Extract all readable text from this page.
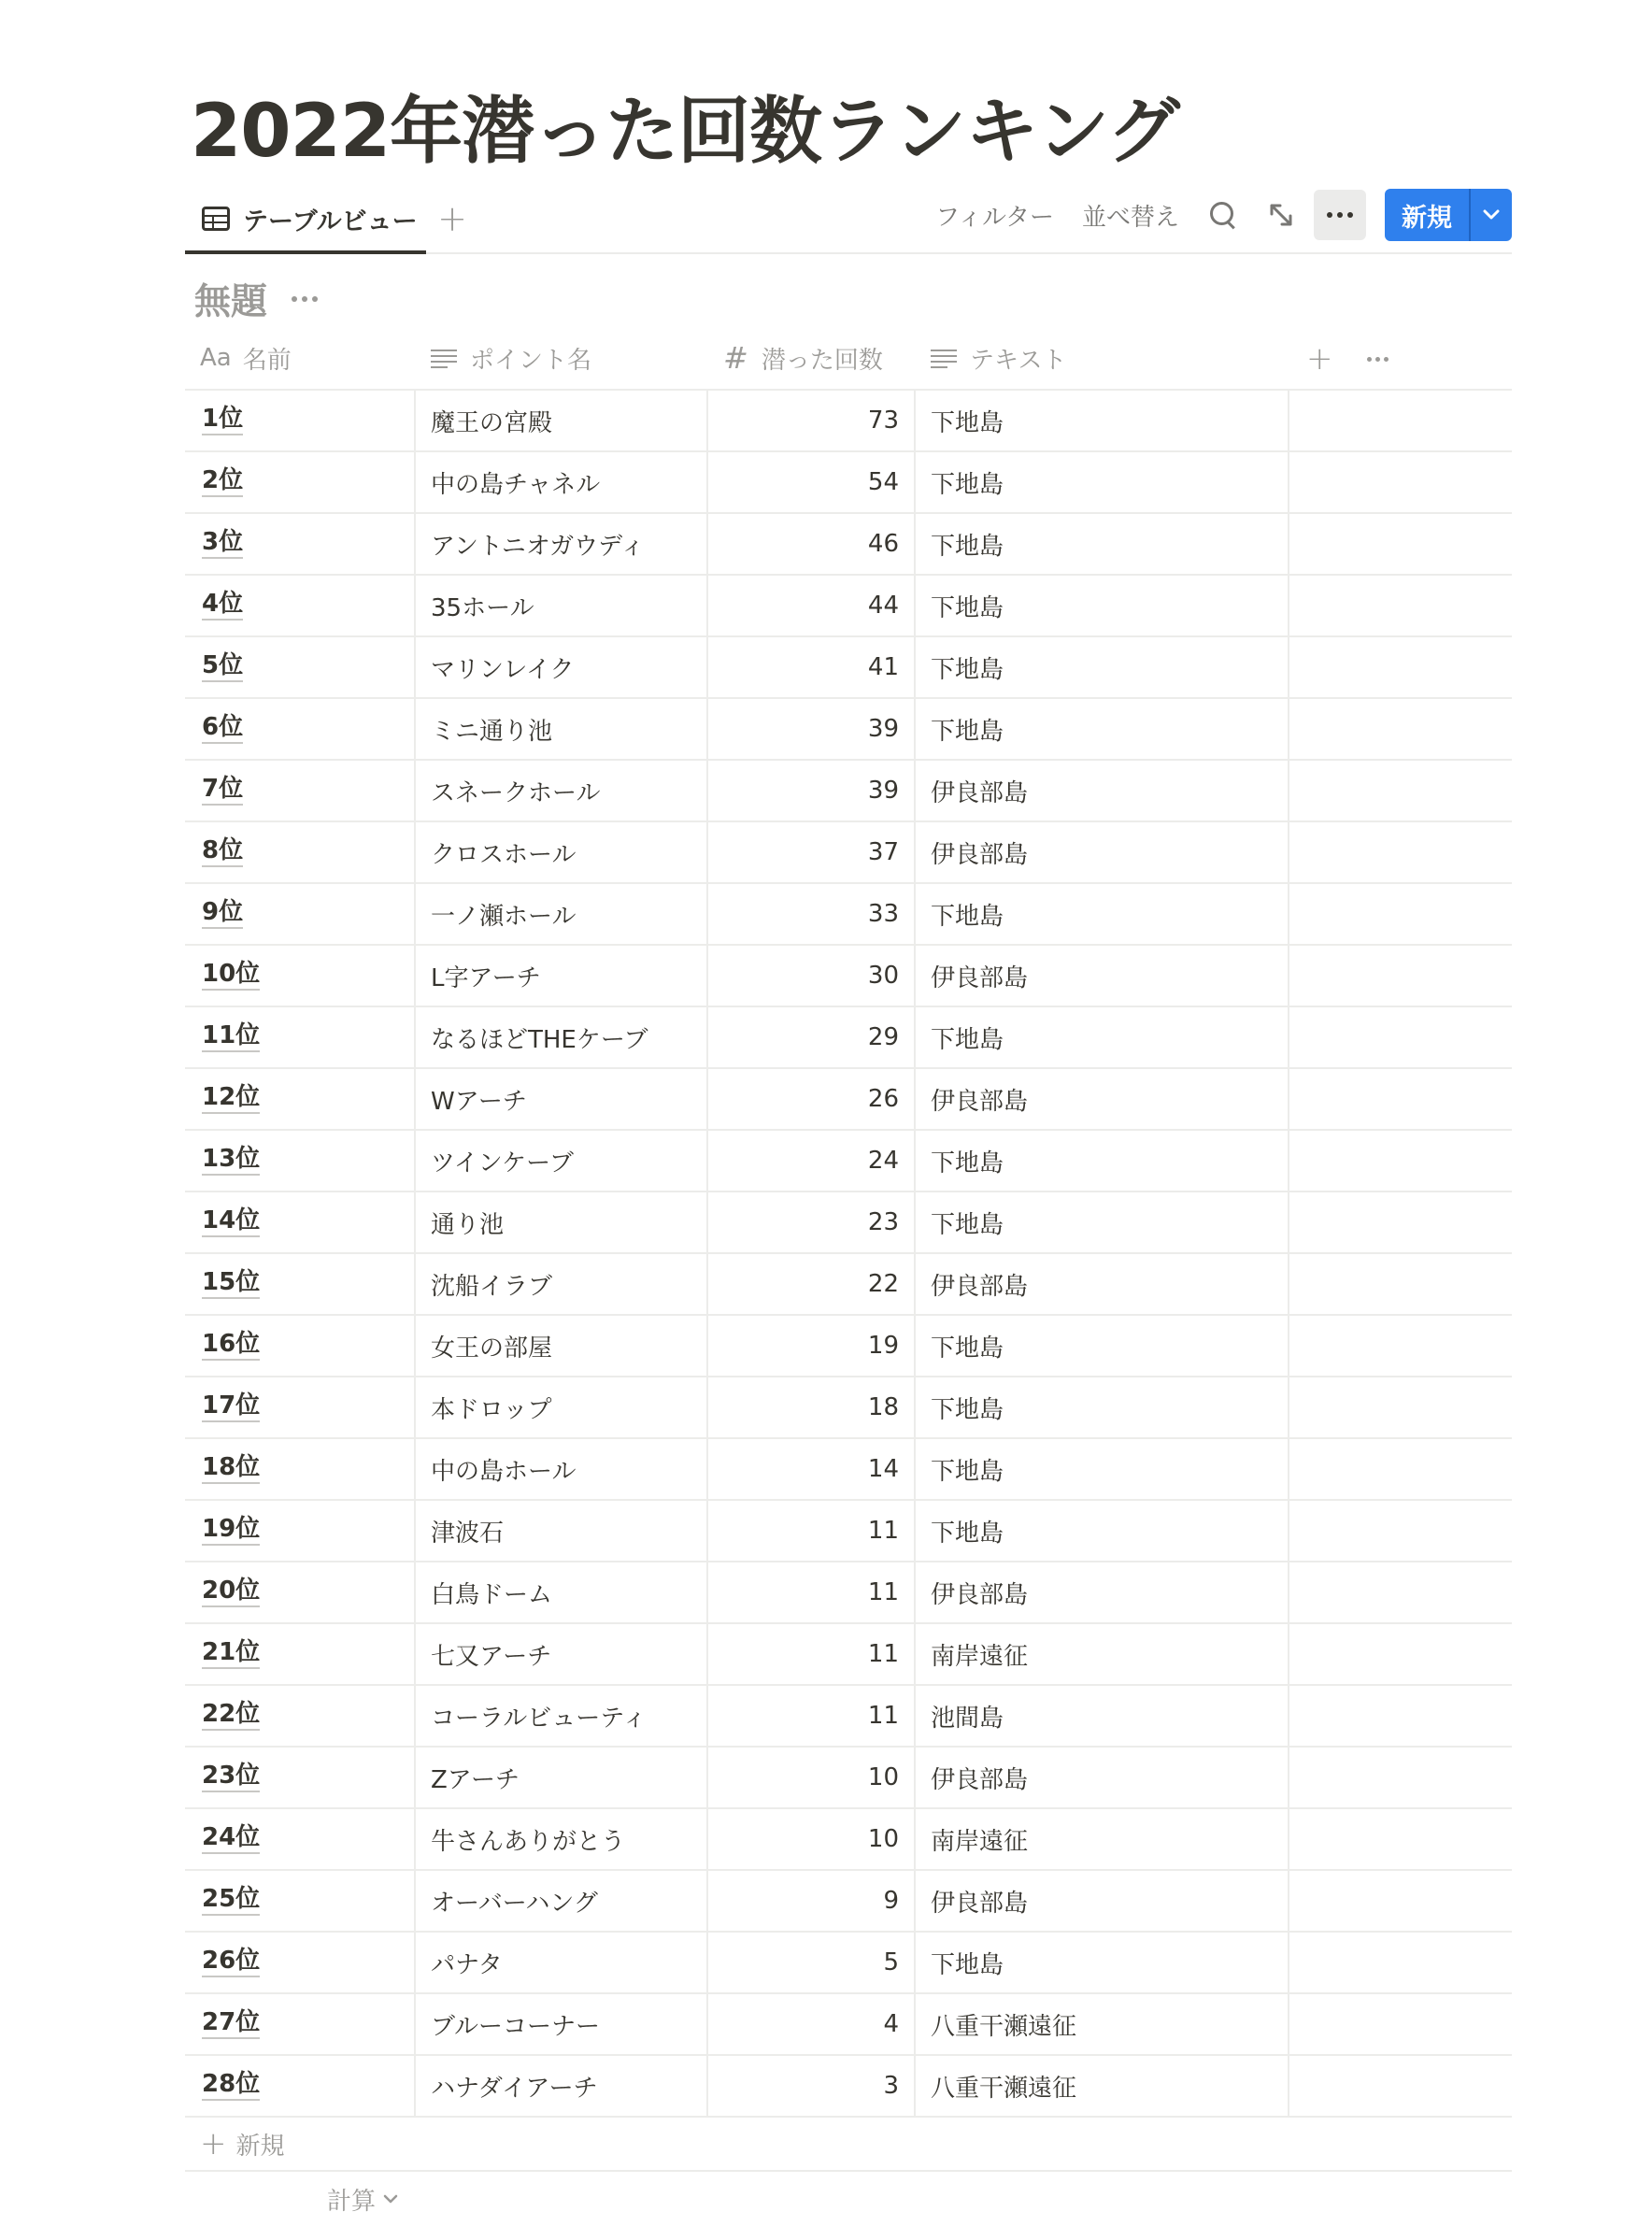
2022年潜った回数ランキング
テーブルビュー +	フィルター 並べ替え	新規
無題
Aa 名前	ポイント名	# 潜った回数	テキスト	+
1位	魔王の宮殿	73	下地島
2位	中の島チャネル	54	下地島
3位	アントニオガウディ	46	下地島
4位	35ホール	44	下地島
5位	マリンレイク	41	下地島
6位	ミニ通り池	39	下地島
7位	スネークホール	39	伊良部島
8位	クロスホール	37	伊良部島
9位	一ノ瀬ホール	33	下地島
10位	L字アーチ	30	伊良部島
11位	なるほどTHEケーブ	29	下地島
12位	Wアーチ	26	伊良部島
13位	ツインケーブ	24	下地島
14位	通り池	23	下地島
15位	沈船イラブ	22	伊良部島
16位	女王の部屋	19	下地島
17位	本ドロップ	18	下地島
18位	中の島ホール	14	下地島
19位	津波石	11	下地島
20位	白鳥ドーム	11	伊良部島
21位	七又アーチ	11	南岸遠征
22位	コーラルビューティ	11	池間島
23位	Zアーチ	10	伊良部島
24位	牛さんありがとう	10	南岸遠征
25位	オーバーハング	9	伊良部島
26位	パナタ	5	下地島
27位	ブルーコーナー	4	八重干瀬遠征
28位	ハナダイアーチ	3	八重干瀬遠征
+ 新規
計算
